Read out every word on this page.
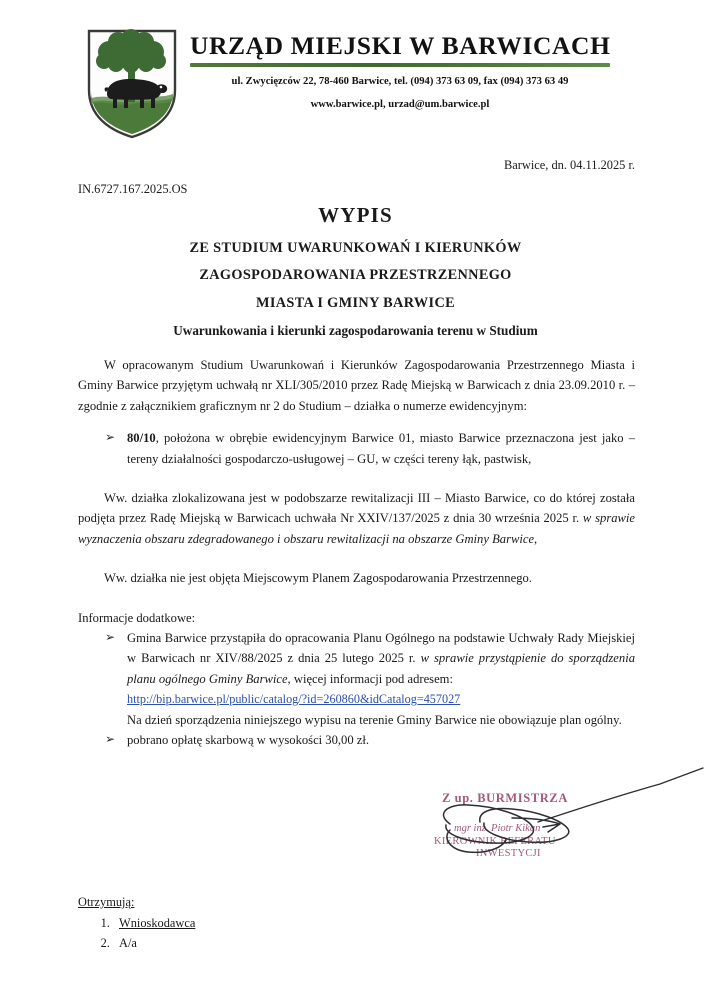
URZĄD MIEJSKI W BARWICACH
ul. Zwycięzców 22, 78-460 Barwice, tel. (094) 373 63 09, fax (094) 373 63 49
www.barwice.pl, urzad@um.barwice.pl
Barwice, dn. 04.11.2025 r.
IN.6727.167.2025.OS
WYPIS
ZE STUDIUM UWARUNKOWAŃ I KIERUNKÓW
ZAGOSPODAROWANIA PRZESTRZENNEGO
MIASTA I GMINY BARWICE
Uwarunkowania i kierunki zagospodarowania terenu w Studium

W opracowanym Studium Uwarunkowań i Kierunków Zagospodarowania Przestrzennego Miasta i Gminy Barwice przyjętym uchwałą nr XLI/305/2010 przez Radę Miejską w Barwicach z dnia 23.09.2010 r. – zgodnie z załącznikiem graficznym nr 2 do Studium – działka o numerze ewidencyjnym:

➢ 80/10, położona w obrębie ewidencyjnym Barwice 01, miasto Barwice przeznaczona jest jako – tereny działalności gospodarczo-usługowej – GU, w części tereny łąk, pastwisk,

Ww. działka zlokalizowana jest w podobszarze rewitalizacji III – Miasto Barwice, co do której została podjęta przez Radę Miejską w Barwicach uchwała Nr XXIV/137/2025 z dnia 30 września 2025 r. w sprawie wyznaczenia obszaru zdegradowanego i obszaru rewitalizacji na obszarze Gminy Barwice,

Ww. działka nie jest objęta Miejscowym Planem Zagospodarowania Przestrzennego.

Informacje dodatkowe:

➢ Gmina Barwice przystąpiła do opracowania Planu Ogólnego na podstawie Uchwały Rady Miejskiej w Barwicach nr XIV/88/2025 z dnia 25 lutego 2025 r. w sprawie przystąpienie do sporządzenia planu ogólnego Gminy Barwice, więcej informacji pod adresem:
http://bip.barwice.pl/public/catalog/?id=260860&idCatalog=457027
Na dzień sporządzenia niniejszego wypisu na terenie Gminy Barwice nie obowiązuje plan ogólny.
➢ pobrano opłatę skarbową w wysokości 30,00 zł.
Z up. BURMISTRZA
mgr inż. Piotr Kikan
KIEROWNIK REFERATU
INWESTYCJI
Otrzymują:
1. Wnioskodawca
2. A/a
